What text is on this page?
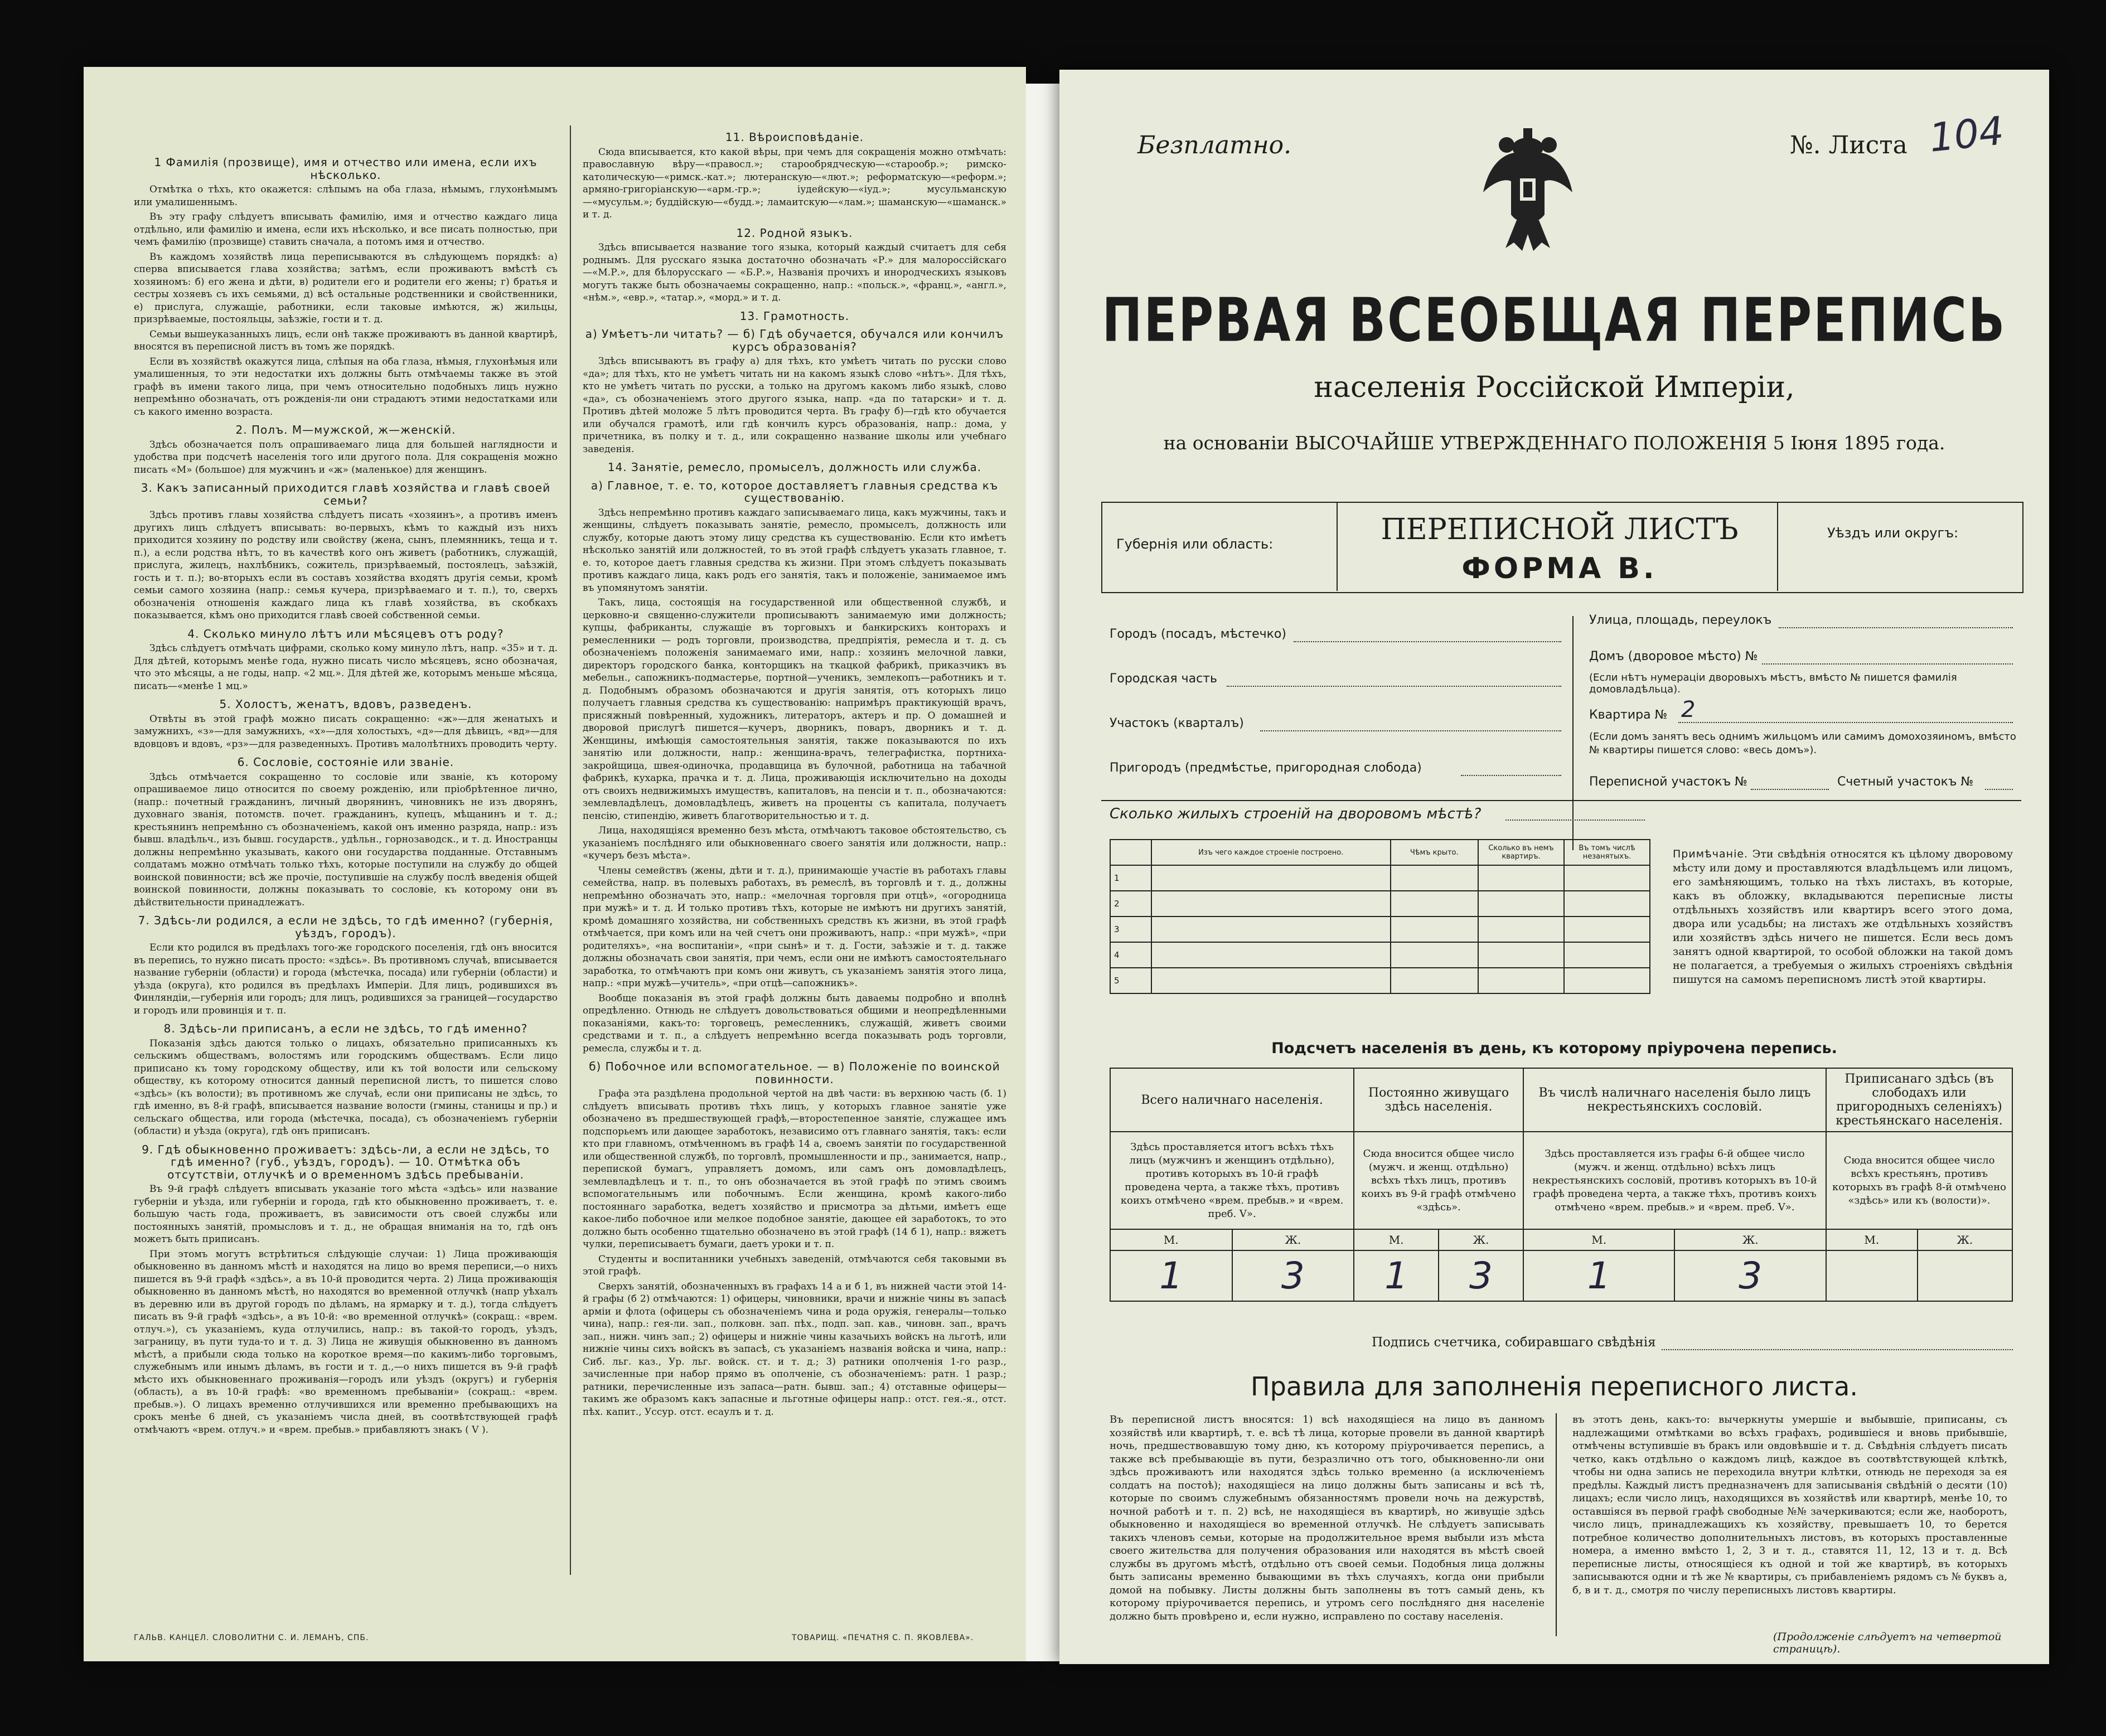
1 Фамилія (прозвище), имя и отчество или имена, если ихъ нѣсколько.

Отмѣтка о тѣхъ, кто окажется: слѣпымъ на оба глаза, нѣмымъ, глухонѣмымъ или умалишеннымъ.

Въ эту графу слѣдуетъ вписывать фамилію, имя и отчество каждаго лица отдѣльно, или фамилію и имена, если ихъ нѣсколько, и все писать полностью, при чемъ фамилію (прозвище) ставить сначала, а потомъ имя и отчество.

Въ каждомъ хозяйствѣ лица переписываются въ слѣдующемъ порядкѣ: а) сперва вписывается глава хозяйства; затѣмъ, если проживаютъ вмѣстѣ съ хозяиномъ: б) его жена и дѣти, в) родители его и родители его жены; г) братья и сестры хозяевъ съ ихъ семьями, д) всѣ остальные родственники и свойственники, е) прислуга, служащіе, работники, если таковые имѣются, ж) жильцы, призрѣваемые, постояльцы, заѣзжіе, гости и т. д.

Семьи вышеуказанныхъ лицъ, если онѣ также проживаютъ въ данной квартирѣ, вносятся въ переписной листъ въ томъ же порядкѣ.

Если въ хозяйствѣ окажутся лица, слѣпыя на оба глаза, нѣмыя, глухонѣмыя или умалишенныя, то эти недостатки ихъ должны быть отмѣчаемы также въ этой графѣ въ имени такого лица, при чемъ относительно подобныхъ лицъ нужно непремѣнно обозначать, отъ рожденія-ли они страдаютъ этими недостатками или съ какого именно возраста.

2. Полъ. М—мужской, ж—женскій.

Здѣсь обозначается полъ опрашиваемаго лица для большей наглядности и удобства при подсчетѣ населенія того или другого пола. Для сокращенія можно писать «М» (большое) для мужчинъ и «ж» (маленькое) для женщинъ.

3. Какъ записанный приходится главѣ хозяйства и главѣ своей семьи?

Здѣсь противъ главы хозяйства слѣдуетъ писать «хозяинъ», а противъ именъ другихъ лицъ слѣдуетъ вписывать: во-первыхъ, кѣмъ то каждый изъ нихъ приходится хозяину по родству или свойству (жена, сынъ, племянникъ, теща и т. п.), а если родства нѣтъ, то въ качествѣ кого онъ живетъ (работникъ, служащій, прислуга, жилецъ, нахлѣбникъ, сожитель, призрѣваемый, постоялецъ, заѣзжій, гость и т. п.); во-вторыхъ если въ составъ хозяйства входятъ другія семьи, кромѣ семьи самого хозяина (напр.: семья кучера, призрѣваемаго и т. п.), то, сверхъ обозначенія отношенія каждаго лица къ главѣ хозяйства, въ скобкахъ показывается, кѣмъ оно приходится главѣ своей собственной семьи.

4. Сколько минуло лѣтъ или мѣсяцевъ отъ роду?

Здѣсь слѣдуетъ отмѣчать цифрами, сколько кому минуло лѣтъ, напр. «35» и т. д. Для дѣтей, которымъ менѣе года, нужно писать число мѣсяцевъ, ясно обозначая, что это мѣсяцы, а не годы, напр. «2 мц.». Для дѣтей же, которымъ меньше мѣсяца, писать—«менѣе 1 мц.»

5. Холостъ, женатъ, вдовъ, разведенъ.

Отвѣты въ этой графѣ можно писать сокращенно: «ж»—для женатыхъ и замужнихъ, «з»—для замужнихъ, «х»—для холостыхъ, «д»—для дѣвицъ, «вд»—для вдовцовъ и вдовъ, «рз»—для разведенныхъ. Противъ малолѣтнихъ проводить черту.

6. Сословіе, состояніе или званіе.

Здѣсь отмѣчается сокращенно то сословіе или званіе, къ которому опрашиваемое лицо относится по своему рожденію, или пріобрѣтенное лично, (напр.: почетный гражданинъ, личный дворянинъ, чиновникъ не изъ дворянъ, духовнаго званія, потомств. почет. гражданинъ, купецъ, мѣщанинъ и т. д.; крестьянинъ непремѣнно съ обозначеніемъ, какой онъ именно разряда, напр.: изъ бывш. владѣльч., изъ бывш. государств., удѣльн., горнозаводск., и т. д. Иностранцы должны непремѣнно указывать, какого они государства подданные. Отставнымъ солдатамъ можно отмѣчать только тѣхъ, которые поступили на службу до общей воинской повинности; всѣ же прочіе, поступившіе на службу послѣ введенія общей воинской повинности, должны показывать то сословіе, къ которому они въ дѣйствительности принадлежатъ.

7. Здѣсь-ли родился, а если не здѣсь, то гдѣ именно? (губернія, уѣздъ, городъ).

Если кто родился въ предѣлахъ того-же городского поселенія, гдѣ онъ вносится въ перепись, то нужно писать просто: «здѣсь». Въ противномъ случаѣ, вписывается название губерніи (области) и города (мѣстечка, посада) или губерніи (области) и уѣзда (округа), кто родился въ предѣлахъ Имперіи. Для лицъ, родившихся въ Финляндіи,—губернія или городъ; для лицъ, родившихся за границей—государство и городъ или провинція и т. п.

8. Здѣсь-ли приписанъ, а если не здѣсь, то гдѣ именно?

Показанія здѣсь даются только о лицахъ, обязательно приписанныхъ къ сельскимъ обществамъ, волостямъ или городскимъ обществамъ. Если лицо приписано къ тому городскому обществу, или къ той волости или сельскому обществу, къ которому относится данный переписной листъ, то пишется слово «здѣсь» (къ волости); въ противномъ же случаѣ, если они приписаны не здѣсь, то гдѣ именно, въ 8-й графѣ, вписывается название волости (гмины, станицы и пр.) и сельскаго общества, или города (мѣстечка, посада), съ обозначеніемъ губерніи (области) и уѣзда (округа), гдѣ онъ приписанъ.

9. Гдѣ обыкновенно проживаетъ: здѣсь-ли, а если не здѣсь, то гдѣ именно? (губ., уѣздъ, городъ). — 10. Отмѣтка объ отсутствіи, отлучкѣ и о временномъ здѣсь пребываніи.

Въ 9-й графѣ слѣдуетъ вписывать указаніе того мѣста «здѣсь» или название губерніи и уѣзда, или губерніи и города, гдѣ кто обыкновенно проживаетъ, т. е. большую часть года, проживаетъ, въ зависимости отъ своей службы или постоянныхъ занятій, промысловъ и т. д., не обращая вниманія на то, гдѣ онъ можетъ быть приписанъ.

При этомъ могутъ встрѣтиться слѣдующіе случаи: 1) Лица проживающія обыкновенно въ данномъ мѣстѣ и находятся на лицо во время переписи,—о нихъ пишется въ 9-й графѣ «здѣсь», а въ 10-й проводится черта. 2) Лица проживающія обыкновенно въ данномъ мѣстѣ, но находятся во временной отлучкѣ (напр уѣхалъ въ деревню или въ другой городъ по дѣламъ, на ярмарку и т. д.), тогда слѣдуетъ писать въ 9-й графѣ «здѣсь», а въ 10-й: «во временной отлучкѣ» (сокращ.: «врем. отлуч.»), съ указаніемъ, куда отлучились, напр.: въ такой-то городъ, уѣздъ, заграницу, въ пути туда-то и т. д. 3) Лица не живущія обыкновенно въ данномъ мѣстѣ, а прибыли сюда только на короткое время—по какимъ-либо торговымъ, служебнымъ или инымъ дѣламъ, въ гости и т. д.,—о нихъ пишется въ 9-й графѣ мѣсто ихъ обыкновеннаго проживанія—городъ или уѣздъ (округъ) и губернія (область), а въ 10-й графѣ: «во временномъ пребываніи» (сокращ.: «врем. пребыв.»). О лицахъ временно отлучившихся или временно пребывающихъ на срокъ менѣе 6 дней, съ указаніемъ числа дней, въ соотвѣтствующей графѣ отмѣчаютъ «врем. отлуч.» и «врем. пребыв.» прибавляютъ знакъ ( V ).

11. Вѣроисповѣданіе.

Сюда вписывается, кто какой вѣры, при чемъ для сокращенія можно отмѣчать: православную вѣру—«правосл.»; старообрядческую—«старообр.»; римско-католическую—«римск.-кат.»; лютеранскую—«лют.»; реформатскую—«реформ.»; армяно-григоріанскую—«арм.-гр.»; іудейскую—«іуд.»; мусульманскую—«мусульм.»; буддійскую—«будд.»; ламаитскую—«лам.»; шаманскую—«шаманск.» и т. д.

12. Родной языкъ.

Здѣсь вписывается название того языка, который каждый считаетъ для себя роднымъ. Для русскаго языка достаточно обозначать «Р.» для малороссійскаго—«М.Р.», для бѣлорусскаго — «Б.Р.», Названія прочихъ и инородческихъ языковъ могутъ также быть обозначаемы сокращенно, напр.: «польск.», «франц.», «англ.», «нѣм.», «евр.», «татар.», «морд.» и т. д.

13. Грамотность.
а) Умѣетъ-ли читать? — б) Гдѣ обучается, обучался или кончилъ курсъ образованія?

Здѣсь вписываютъ въ графу а) для тѣхъ, кто умѣетъ читать по русски слово «да»; для тѣхъ, кто не умѣетъ читать ни на какомъ языкѣ слово «нѣтъ». Для тѣхъ, кто не умѣетъ читать по русски, а только на другомъ какомъ либо языкѣ, слово «да», съ обозначеніемъ этого другого языка, напр. «да по татарски» и т. д. Противъ дѣтей моложе 5 лѣтъ проводится черта. Въ графу б)—гдѣ кто обучается или обучался грамотѣ, или гдѣ кончилъ курсъ образованія, напр.: дома, у причетника, въ полку и т. д., или сокращенно название школы или учебнаго заведенія.

14. Занятіе, ремесло, промыселъ, должность или служба.
а) Главное, т. е. то, которое доставляетъ главныя средства къ существованію.

Здѣсь непремѣнно противъ каждаго записываемаго лица, какъ мужчины, такъ и женщины, слѣдуетъ показывать занятіе, ремесло, промыселъ, должность или службу, которые даютъ этому лицу средства къ существованію. Если кто имѣетъ нѣсколько занятій или должностей, то въ этой графѣ слѣдуетъ указать главное, т. е. то, которое даетъ главныя средства къ жизни. При этомъ слѣдуетъ показывать противъ каждаго лица, какъ родъ его занятія, такъ и положеніе, занимаемое имъ въ упомянутомъ занятіи.

Такъ, лица, состоящія на государственной или общественной службѣ, и церковно-и священно-служители прописываютъ занимаемую ими должность; купцы, фабриканты, служащіе въ торговыхъ и банкирскихъ конторахъ и ремесленники — родъ торговли, производства, предпріятія, ремесла и т. д. съ обозначеніемъ положенія занимаемаго ими, напр.: хозяинъ мелочной лавки, директоръ городского банка, конторщикъ на ткацкой фабрикѣ, приказчикъ въ мебельн., сапожникъ-подмастерье, портной—ученикъ, землекопъ—работникъ и т. д. Подобнымъ образомъ обозначаются и другія занятія, отъ которыхъ лицо получаетъ главныя средства къ существованію: напримѣръ практикующій врачъ, присяжный повѣренный, художникъ, литераторъ, актеръ и пр. О домашней и дворовой прислугѣ пишется—кучеръ, дворникъ, поваръ, дворникъ и т. д. Женщины, имѣющія самостоятельныя занятія, также показываются по ихъ занятію или должности, напр.: женщина-врачъ, телеграфистка, портниха-закройщица, швея-одиночка, продавщица въ булочной, работница на табачной фабрикѣ, кухарка, прачка и т. д. Лица, проживающія исключительно на доходы отъ своихъ недвижимыхъ имуществъ, капиталовъ, на пенсіи и т. п., обозначаются: землевладѣлецъ, домовладѣлецъ, живетъ на проценты съ капитала, получаетъ пенсію, стипендію, живетъ благотворительностью и т. д.

Лица, находящіяся временно безъ мѣста, отмѣчаютъ таковое обстоятельство, съ указаніемъ послѣдняго или обыкновеннаго своего занятія или должности, напр.: «кучеръ безъ мѣста».

Члены семействъ (жены, дѣти и т. д.), принимающіе участіе въ работахъ главы семейства, напр. въ полевыхъ работахъ, въ ремеслѣ, въ торговлѣ и т. д., должны непремѣнно обозначать это, напр.: «мелочная торговля при отцѣ», «огородница при мужѣ» и т. д. И только противъ тѣхъ, которые не имѣютъ ни другихъ занятій, кромѣ домашняго хозяйства, ни собственныхъ средствъ къ жизни, въ этой графѣ отмѣчается, при комъ или на чей счетъ они проживаютъ, напр.: «при мужѣ», «при родителяхъ», «на воспитаніи», «при сынѣ» и т. д. Гости, заѣзжіе и т. д. также должны обозначать свои занятія, при чемъ, если они не имѣютъ самостоятельнаго заработка, то отмѣчаютъ при комъ они живутъ, съ указаніемъ занятія этого лица, напр.: «при мужѣ—учитель», «при отцѣ—сапожникъ».

Вообще показанія въ этой графѣ должны быть даваемы подробно и вполнѣ опредѣленно. Отнюдь не слѣдуетъ довольствоваться общими и неопредѣленными показаніями, какъ-то: торговецъ, ремесленникъ, служащій, живетъ своими средствами и т. п., а слѣдуетъ непремѣнно всегда показывать родъ торговли, ремесла, службы и т. д.

б) Побочное или вспомогательное. — в) Положеніе по воинской повинности.

Графа эта раздѣлена продольной чертой на двѣ части: въ верхнюю часть (б. 1) слѣдуетъ вписывать противъ тѣхъ лицъ, у которыхъ главное занятіе уже обозначено въ предшествующей графѣ,—второстепенное занятіе, служащее имъ подспорьемъ или дающее заработокъ, независимо отъ главнаго занятія, такъ: если кто при главномъ, отмѣченномъ въ графѣ 14 а, своемъ занятіи по государственной или общественной службѣ, по торговлѣ, промышленности и пр., занимается, напр., перепиской бумагъ, управляетъ домомъ, или самъ онъ домовладѣлецъ, землевладѣлецъ и т. п., то онъ обозначается въ этой графѣ по этимъ своимъ вспомогательнымъ или побочнымъ. Если женщина, кромѣ какого-либо постояннаго заработка, ведетъ хозяйство и присмотра за дѣтьми, имѣетъ еще какое-либо побочное или мелкое подобное занятіе, дающее ей заработокъ, то это должно быть особенно тщательно обозначено въ этой графѣ (14 б 1), напр.: вяжетъ чулки, переписываетъ бумаги, даетъ уроки и т. п.

Студенты и воспитанники учебныхъ заведеній, отмѣчаются себя таковыми въ этой графѣ.

Сверхъ занятій, обозначенныхъ въ графахъ 14 а и б 1, въ нижней части этой 14-й графы (б 2) отмѣчаются: 1) офицеры, чиновники, врачи и нижніе чины въ запасѣ арміи и флота (офицеры съ обозначеніемъ чина и рода оружія, генералы—только чина), напр.: гея-ли. зап., полковн. зап. пѣх., подп. зап. кав., чиновн. зап., врачъ зап., нижн. чинъ зап.; 2) офицеры и нижніе чины казачьихъ войскъ на льготѣ, или нижніе чины сихъ войскъ въ запасѣ, съ указаніемъ названія войска и чина, напр.: Сиб. льг. каз., Ур. льг. войск. ст. и т. д.; 3) ратники ополченія 1-го разр., зачисленные при набор прямо въ ополченіе, съ обозначеніемъ: ратн. 1 разр.; ратники, перечисленные изъ запаса—ратн. бывш. зап.; 4) отставные офицеры—такимъ же образомъ какъ запасные и льготные офицеры напр.: отст. гея.-я., отст. пѣх. капит., Уссур. отст. есаулъ и т. д.

ГАЛЬВ. КАНЦЕЛ. СЛОВОЛИТНИ С. И. ЛЕМАНЪ, СПБ.	ТОВАРИЩ. «ПЕЧАТНЯ С. П. ЯКОВЛЕВА».
Безплатно.	№. Листа 104
ПЕРВАЯ ВСЕОБЩАЯ ПЕРЕПИСЬ
населенія Россійской Имперіи,
на основаніи ВЫСОЧАЙШЕ УТВЕРЖДЕННАГО ПОЛОЖЕНІЯ 5 Іюня 1895 года.
Губернія или область:	ПЕРЕПИСНОЙ ЛИСТЪ
ФОРМА В.
Уѣздъ или округъ:
Городъ (посадъ, мѣстечко)
Городская часть
Участокъ (кварталъ)
Пригородъ (предмѣстье, пригородная слобода)
Улица, площадь, переулокъ
Домъ (дворовое мѣсто) №
(Если нѣтъ нумераціи дворовыхъ мѣстъ, вмѣсто № пишется фамилія домовладѣльца).
Квартира № 2
(Если домъ занятъ весь однимъ жильцомъ или самимъ домохозяиномъ, вмѣсто № квартиры пишется слово: «весь домъ»).
Переписной участокъ №	Счетный участокъ №
Сколько жилыхъ строеній на дворовомъ мѣстѣ?
	Изъ чего каждое строеніе построено.	Чѣмъ крыто.	Сколько въ немъ квартиръ.	Въ томъ числѣ незанятыхъ.
1				
2				
3				
4				
5				
Примѣчаніе. Эти свѣдѣнія относятся къ цѣлому дворовому мѣсту или дому и проставляются владѣльцемъ или лицомъ, его замѣняющимъ, только на тѣхъ листахъ, въ которые, какъ въ обложку, вкладываются переписные листы отдѣльныхъ хозяйствъ или квартиръ всего этого дома, двора или усадьбы; на листахъ же отдѣльныхъ хозяйствъ или хозяйствъ здѣсь ничего не пишется. Если весь домъ занятъ одной квартирой, то особой обложки на такой домъ не полагается, а требуемыя о жилыхъ строеніяхъ свѣдѣнія пишутся на самомъ переписномъ листѣ этой квартиры.
Подсчетъ населенія въ день, къ которому пріурочена перепись.
Всего наличнаго населенія.		Постоянно живущаго здѣсь населенія.		Въ числѣ наличнаго населенія было лицъ некрестьянскихъ сословій.		Приписанаго здѣсь (въ слободахъ или пригородныхъ селеніяхъ) крестьянскаго населенія.	
Здѣсь проставляется итогъ всѣхъ тѣхъ лицъ (мужчинъ и женщинъ отдѣльно), противъ которыхъ въ 10-й графѣ проведена черта, а также тѣхъ, противъ коихъ отмѣчено «врем. пребыв.» и «врем. преб. V».		Сюда вносится общее число (мужч. и женщ. отдѣльно) всѣхъ тѣхъ лицъ, противъ коихъ въ 9-й графѣ отмѣчено «здѣсь».		Здѣсь проставляется изъ графы 6-й общее число (мужч. и женщ. отдѣльно) всѣхъ лицъ некрестьянскихъ сословій, противъ которыхъ въ 10-й графѣ проведена черта, а также тѣхъ, противъ коихъ отмѣчено «врем. пребыв.» и «врем. преб. V».		Сюда вносится общее число всѣхъ крестьянъ, противъ которыхъ въ графѣ 8-й отмѣчено «здѣсь» или къ (волости)».	
М.	Ж.	М.	Ж.	М.	Ж.	М.	Ж.
1	3	1	3	1	3		
Подпись счетчика, собиравшаго свѣдѣнія
Правила для заполненія переписного листа.
Въ переписной листъ вносятся: 1) всѣ находящіеся на лицо въ данномъ хозяйствѣ или квартирѣ, т. е. всѣ тѣ лица, которые провели въ данной квартирѣ ночь, предшествовавшую тому дню, къ которому пріурочивается перепись, а также всѣ пребывающіе въ пути, безразлично отъ того, обыкновенно-ли они здѣсь проживаютъ или находятся здѣсь только временно (а исключеніемъ солдатъ на постоѣ); находящіеся на лицо должны быть записаны и всѣ тѣ, которые по своимъ служебнымъ обязанностямъ провели ночь на дежурствѣ, ночной работѣ и т. п. 2) всѣ, не находящіеся въ квартирѣ, но живущіе здѣсь обыкновенно и находящіеся во временной отлучкѣ. Не слѣдуетъ записывать такихъ членовъ семьи, которые на продолжительное время выбыли изъ мѣста своего жительства для получения образования или находятся въ мѣстѣ своей службы въ другомъ мѣстѣ, отдѣльно отъ своей семьи. Подобныя лица должны быть записаны временно бывающими въ тѣхъ случаяхъ, когда они прибыли домой на побывку. Листы должны быть заполнены въ тотъ самый день, къ которому пріурочивается перепись, и утромъ сего послѣдняго дня населеніе должно быть провѣрено и, если нужно, исправлено по составу населенія.
въ этотъ день, какъ-то: вычеркнуты умершіе и выбывшіе, приписаны, съ надлежащими отмѣтками во всѣхъ графахъ, родившіеся и вновь прибывшіе, отмѣчены вступившіе въ бракъ или овдовѣвшіе и т. д. Свѣдѣнія слѣдуетъ писать четко, какъ отдѣльно о каждомъ лицѣ, каждое въ соотвѣтствующей клѣткѣ, чтобы ни одна запись не переходила внутри клѣтки, отнюдь не переходя за ея предѣлы. Каждый листъ предназначенъ для записыванія свѣдѣній о десяти (10) лицахъ; если число лицъ, находящихся въ хозяйствѣ или квартирѣ, менѣе 10, то оставшіяся въ первой графѣ свободные №№ зачеркиваются; если же, наоборотъ, число лицъ, принадлежащихъ къ хозяйству, превышаетъ 10, то берется потребное количество дополнительныхъ листовъ, въ которыхъ проставленные номера, а именно вмѣсто 1, 2, 3 и т. д., ставятся 11, 12, 13 и т. д. Всѣ переписные листы, относящіеся къ одной и той же квартирѣ, въ которыхъ записываются одни и тѣ же № квартиры, съ прибавленіемъ рядомъ съ № буквъ а, б, в и т. д., смотря по числу переписныхъ листовъ квартиры.
(Продолженіе слѣдуетъ на четвертой страницѣ).
